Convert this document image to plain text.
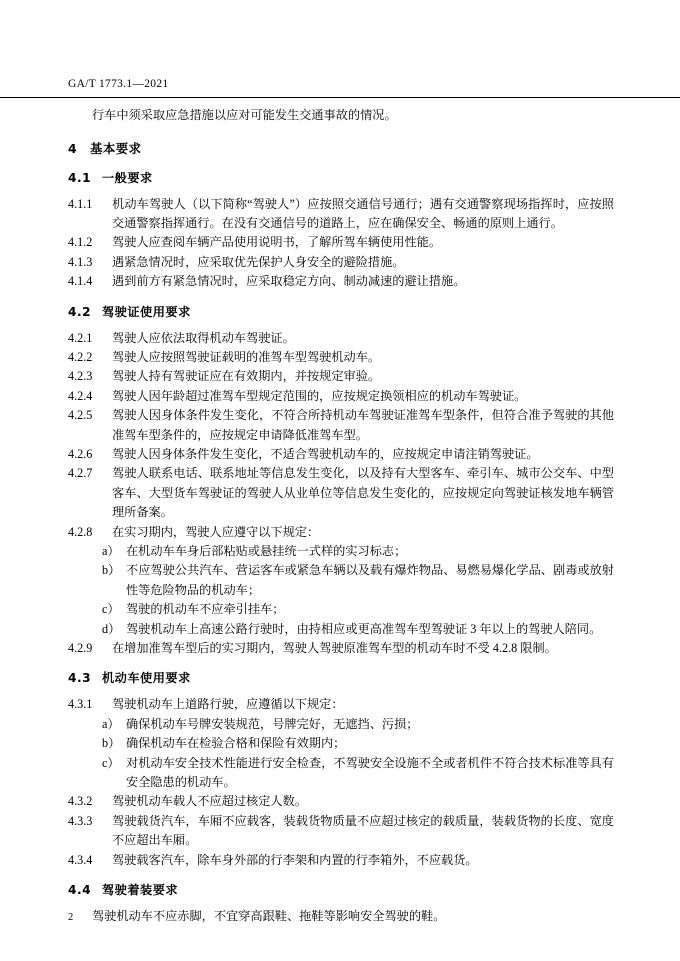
GA/T 1773.1—2021

行车中须采取应急措施以应对可能发生交通事故的情况。

4 基本要求
4.1 一般要求

4.1.1 机动车驾驶人（以下简称“驾驶人”）应按照交通信号通行；遇有交通警察现场指挥时，应按照交通警察指挥通行。在没有交通信号的道路上，应在确保安全、畅通的原则上通行。

4.1.2 驾驶人应查阅车辆产品使用说明书，了解所驾车辆使用性能。

4.1.3 遇紧急情况时，应采取优先保护人身安全的避险措施。

4.1.4 遇到前方有紧急情况时，应采取稳定方向、制动减速的避让措施。

4.2 驾驶证使用要求

4.2.1 驾驶人应依法取得机动车驾驶证。

4.2.2 驾驶人应按照驾驶证载明的准驾车型驾驶机动车。

4.2.3 驾驶人持有驾驶证应在有效期内，并按规定审验。

4.2.4 驾驶人因年龄超过准驾车型规定范围的，应按规定换领相应的机动车驾驶证。

4.2.5 驾驶人因身体条件发生变化，不符合所持机动车驾驶证准驾车型条件，但符合准予驾驶的其他准驾车型条件的，应按规定申请降低准驾车型。

4.2.6 驾驶人因身体条件发生变化，不适合驾驶机动车的，应按规定申请注销驾驶证。

4.2.7 驾驶人联系电话、联系地址等信息发生变化，以及持有大型客车、牵引车、城市公交车、中型客车、大型货车驾驶证的驾驶人从业单位等信息发生变化的，应按规定向驾驶证核发地车辆管理所备案。

4.2.8 在实习期内，驾驶人应遵守以下规定：

a） 在机动车车身后部粘贴或悬挂统一式样的实习标志；

b） 不应驾驶公共汽车、营运客车或紧急车辆以及载有爆炸物品、易燃易爆化学品、剧毒或放射性等危险物品的机动车；

c） 驾驶的机动车不应牵引挂车；

d） 驾驶机动车上高速公路行驶时，由持相应或更高准驾车型驾驶证 3 年以上的驾驶人陪同。

4.2.9 在增加准驾车型后的实习期内，驾驶人驾驶原准驾车型的机动车时不受 4.2.8 限制。

4.3 机动车使用要求

4.3.1 驾驶机动车上道路行驶，应遵循以下规定：

a） 确保机动车号牌安装规范，号牌完好，无遮挡、污损；

b） 确保机动车在检验合格和保险有效期内；

c） 对机动车安全技术性能进行安全检查，不驾驶安全设施不全或者机件不符合技术标准等具有安全隐患的机动车。

4.3.2 驾驶机动车载人不应超过核定人数。

4.3.3 驾驶载货汽车，车厢不应载客，装载货物质量不应超过核定的载质量，装载货物的长度、宽度不应超出车厢。

4.3.4 驾驶载客汽车，除车身外部的行李架和内置的行李箱外，不应载货。

4.4 驾驶着装要求

驾驶机动车不应赤脚，不宜穿高跟鞋、拖鞋等影响安全驾驶的鞋。

2
